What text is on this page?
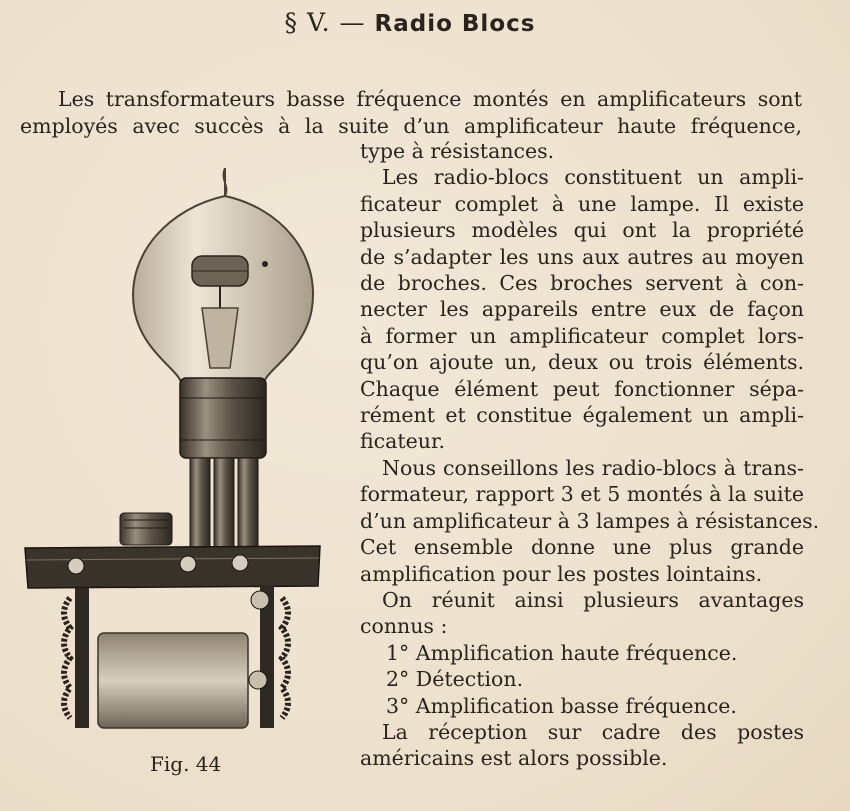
§ V. — Radio Blocs
Les transformateurs basse fréquence montés en amplificateurs sont
employés avec succès à la suite d’un amplificateur haute fréquence,
type à résistances.
Les radio-blocs constituent un ampli-
ficateur complet à une lampe. Il existe
plusieurs modèles qui ont la propriété
de s’adapter les uns aux autres au moyen
de broches. Ces broches servent à con-
necter les appareils entre eux de façon
à former un amplificateur complet lors-
qu’on ajoute un, deux ou trois éléments.
Chaque élément peut fonctionner sépa-
rément et constitue également un ampli-
ficateur.
Nous conseillons les radio-blocs à trans-
formateur, rapport 3 et 5 montés à la suite
d’un amplificateur à 3 lampes à résistances.
Cet ensemble donne une plus grande
amplification pour les postes lointains.
On réunit ainsi plusieurs avantages
connus :
1° Amplification haute fréquence.
2° Détection.
3° Amplification basse fréquence.
La réception sur cadre des postes
américains est alors possible.
Fig. 44
